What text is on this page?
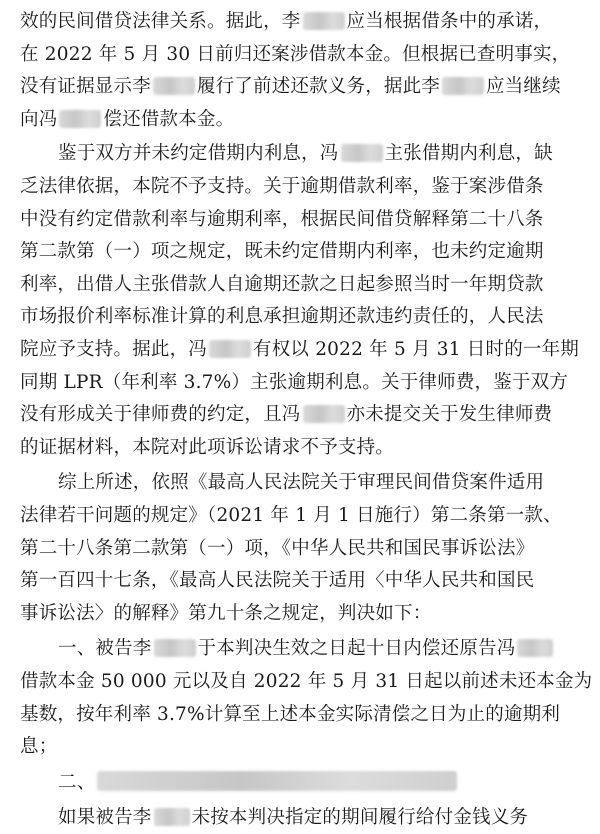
效的民间借贷法律关系。据此，李 应当根据借条中的承诺，
在 2022 年 5 月 30 日前归还案涉借款本金。但根据已查明事实，
没有证据显示李 履行了前述还款义务，据此李 应当继续
向冯 偿还借款本金。
鉴于双方并未约定借期内利息，冯 主张借期内利息，缺
乏法律依据，本院不予支持。关于逾期借款利率，鉴于案涉借条
中没有约定借款利率与逾期利率，根据民间借贷解释第二十八条
第二款第（一）项之规定，既未约定借期内利率，也未约定逾期
利率，出借人主张借款人自逾期还款之日起参照当时一年期贷款
市场报价利率标准计算的利息承担逾期还款违约责任的，人民法
院应予支持。据此，冯 有权以 2022 年 5 月 31 日时的一年期
同期 LPR（年利率 3.7%）主张逾期利息。关于律师费，鉴于双方
没有形成关于律师费的约定，且冯 亦未提交关于发生律师费
的证据材料，本院对此项诉讼请求不予支持。
综上所述，依照《最高人民法院关于审理民间借贷案件适用
法律若干问题的规定》（2021 年 1 月 1 日施行）第二条第一款、
第二十八条第二款第（一）项，《中华人民共和国民事诉讼法》
第一百四十七条，《最高人民法院关于适用〈中华人民共和国民
事诉讼法〉的解释》第九十条之规定，判决如下：
一、被告李 于本判决生效之日起十日内偿还原告冯
借款本金 50 000 元以及自 2022 年 5 月 31 日起以前述未还本金为
基数，按年利率 3.7%计算至上述本金实际清偿之日为止的逾期利
息；
二、
如果被告李 未按本判决指定的期间履行给付金钱义务
